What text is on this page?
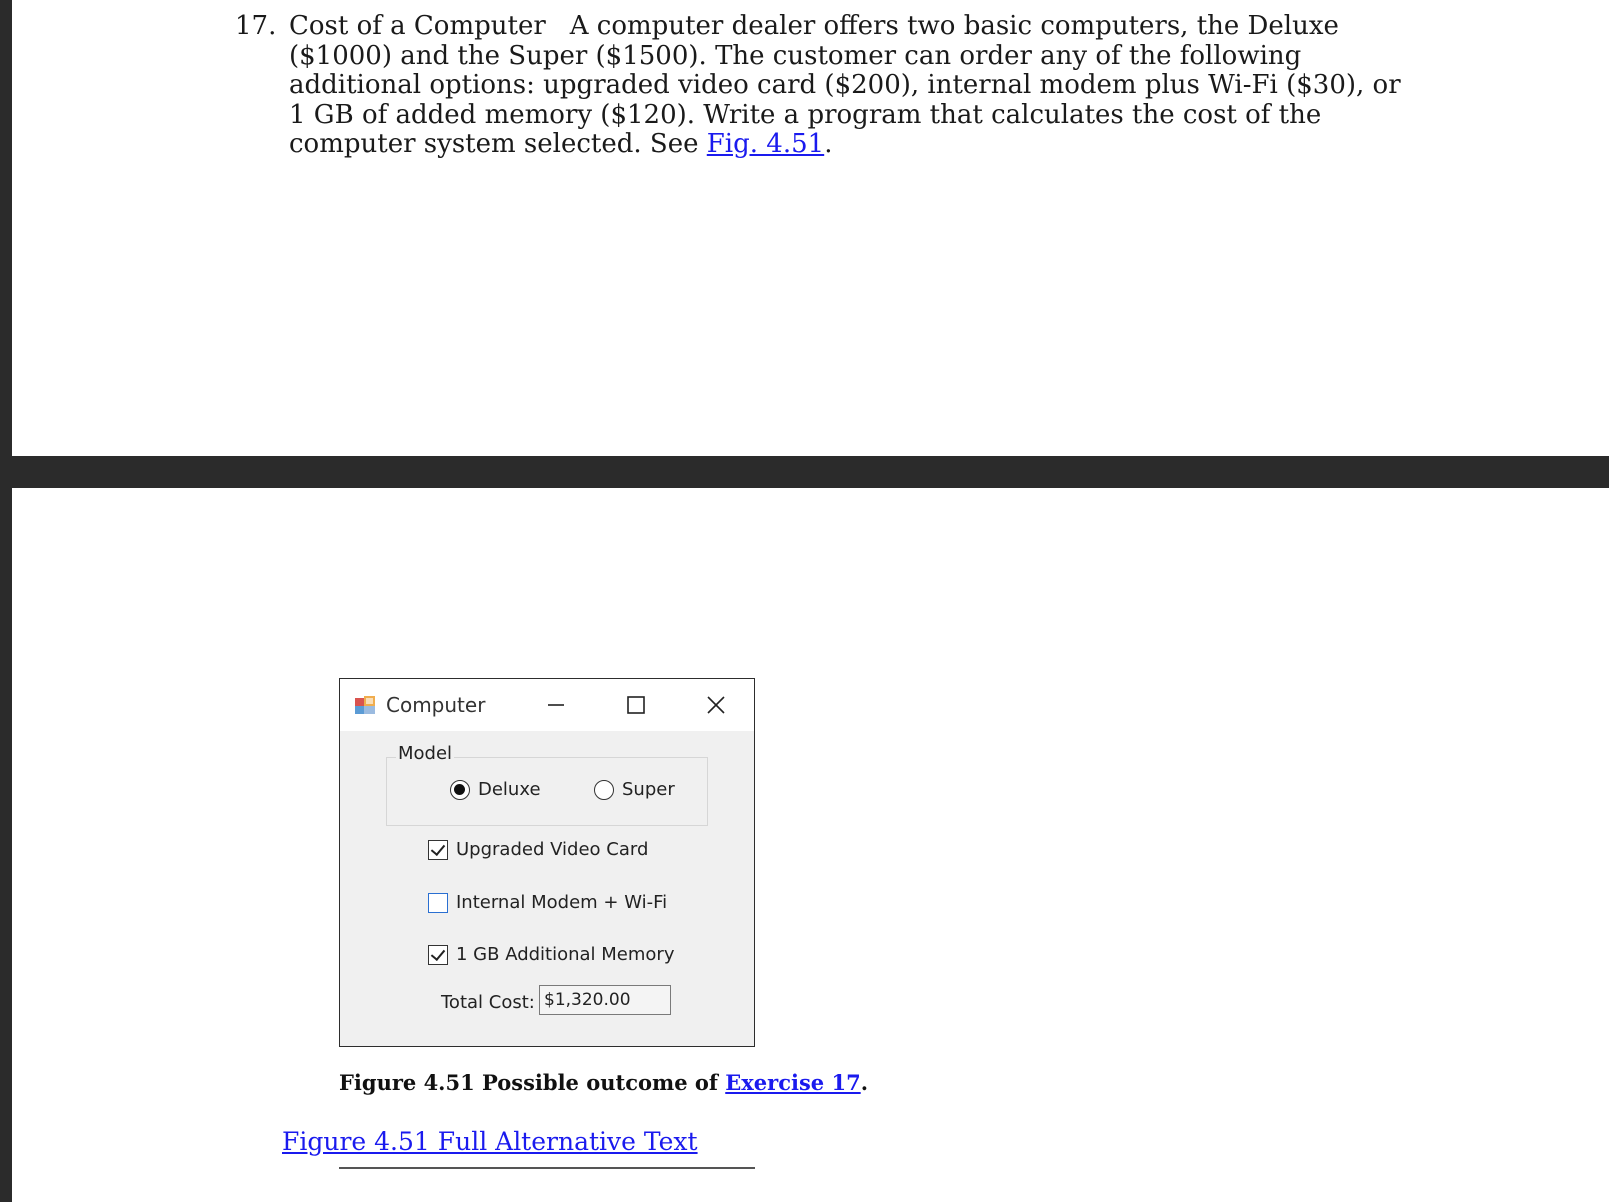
17. Cost of a Computer A computer dealer offers two basic computers, the Deluxe ($1000) and the Super ($1500). The customer can order any of the following additional options: upgraded video card ($200), internal modem plus Wi-Fi ($30), or 1 GB of added memory ($120). Write a program that calculates the cost of the computer system selected. See Fig. 4.51.
Computer
Model
Deluxe	Super
Upgraded Video Card
Internal Modem + Wi-Fi
1 GB Additional Memory
Total Cost: $1,320.00
Figure 4.51 Possible outcome of Exercise 17.
Figure 4.51 Full Alternative Text
